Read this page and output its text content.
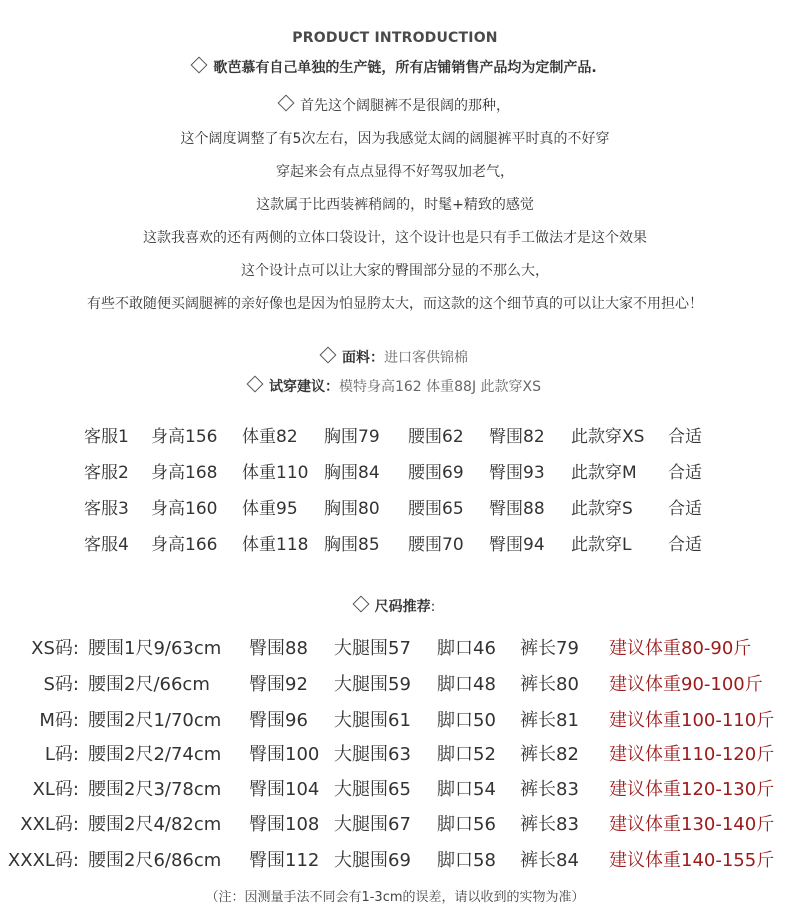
PRODUCT INTRODUCTION
歌芭慕有自己单独的生产链，所有店铺销售产品均为定制产品.
首先这个阔腿裤不是很阔的那种，
这个阔度调整了有5次左右，因为我感觉太阔的阔腿裤平时真的不好穿
穿起来会有点点显得不好驾驭加老气，
这款属于比西装裤稍阔的，时髦+精致的感觉
这款我喜欢的还有两侧的立体口袋设计，这个设计也是只有手工做法才是这个效果
这个设计点可以让大家的臀围部分显的不那么大，
有些不敢随便买阔腿裤的亲好像也是因为怕显胯太大，而这款的这个细节真的可以让大家不用担心！
面料：进口客供锦棉
试穿建议：模特身高162 体重88J 此款穿XS
客服1 身高156 体重82 胸围79 腰围62 臀围82 此款穿XS 合适
客服2 身高168 体重110 胸围84 腰围69 臀围93 此款穿M 合适
客服3 身高160 体重95 胸围80 腰围65 臀围88 此款穿S 合适
客服4 身高166 体重118 胸围85 腰围70 臀围94 此款穿L 合适
尺码推荐:
XS码: 腰围1尺9/63cm 臀围88 大腿围57 脚口46 裤长79 建议体重80-90斤
S码: 腰围2尺/66cm 臀围92 大腿围59 脚口48 裤长80 建议体重90-100斤
M码: 腰围2尺1/70cm 臀围96 大腿围61 脚口50 裤长81 建议体重100-110斤
L码: 腰围2尺2/74cm 臀围100 大腿围63 脚口52 裤长82 建议体重110-120斤
XL码: 腰围2尺3/78cm 臀围104 大腿围65 脚口54 裤长83 建议体重120-130斤
XXL码: 腰围2尺4/82cm 臀围108 大腿围67 脚口56 裤长83 建议体重130-140斤
XXXL码: 腰围2尺6/86cm 臀围112 大腿围69 脚口58 裤长84 建议体重140-155斤
（注：因测量手法不同会有1-3cm的误差，请以收到的实物为准）
